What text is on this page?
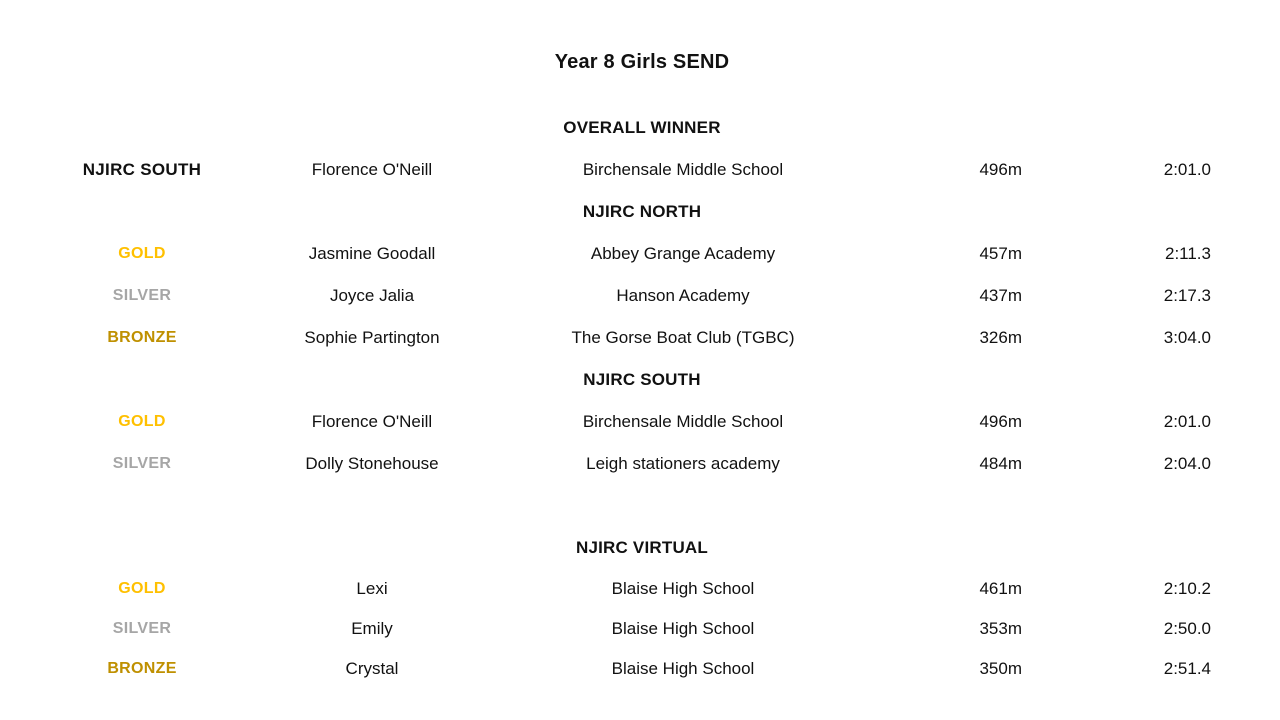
Year 8 Girls SEND
OVERALL WINNER
NJIRC SOUTH	Florence O'Neill	Birchensale Middle School	496m	2:01.0
NJIRC NORTH
GOLD	Jasmine Goodall	Abbey Grange Academy	457m	2:11.3
SILVER	Joyce Jalia	Hanson Academy	437m	2:17.3
BRONZE	Sophie Partington	The Gorse Boat Club (TGBC)	326m	3:04.0
NJIRC SOUTH
GOLD	Florence O'Neill	Birchensale Middle School	496m	2:01.0
SILVER	Dolly Stonehouse	Leigh stationers academy	484m	2:04.0
NJIRC VIRTUAL
GOLD	Lexi	Blaise High School	461m	2:10.2
SILVER	Emily	Blaise High School	353m	2:50.0
BRONZE	Crystal	Blaise High School	350m	2:51.4
